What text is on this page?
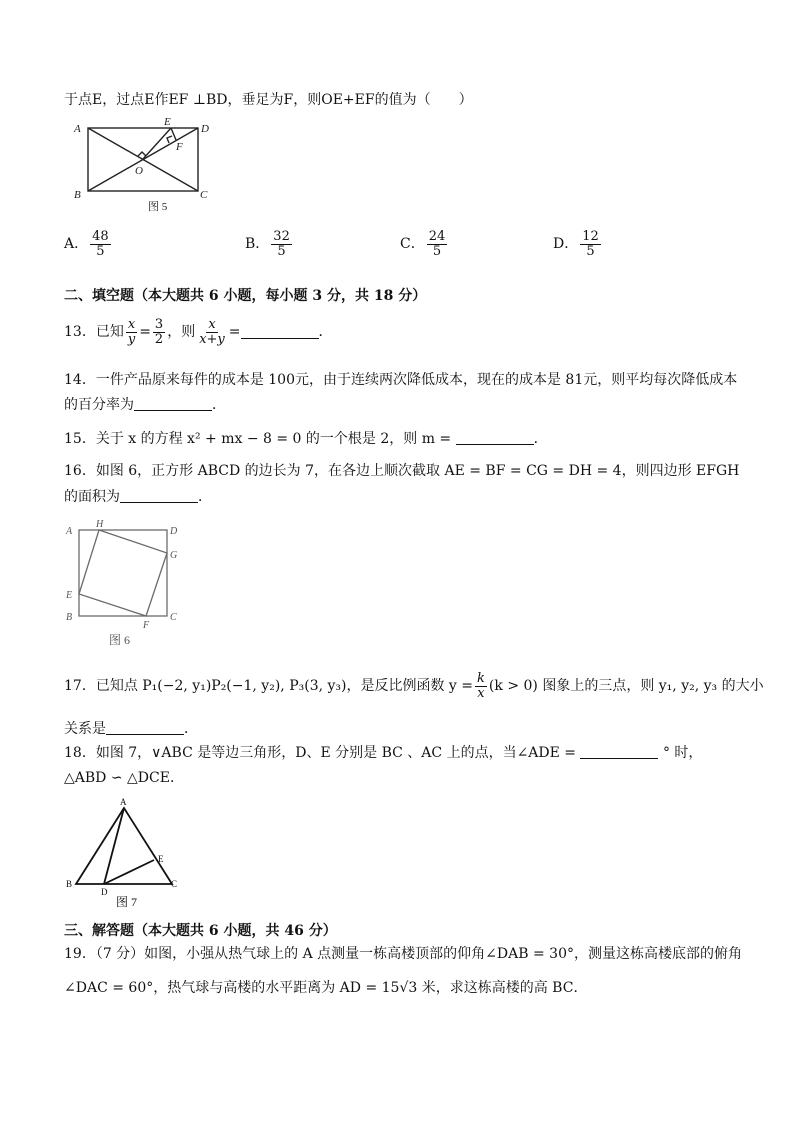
于点E，过点E作EF ⊥BD，垂足为F，则OE+EF的值为（　　）
A
E
D
F
O
B	C
图 5
A． $\frac{48}{5}$	B． $\frac{32}{5}$	C． $\frac{24}{5}$	D． $\frac{12}{5}$
二、填空题（本大题共 6 小题，每小题 3 分，共 18 分）
13．已知 $\frac{x}{y} = \frac{3}{2}$ ，则 $\frac{x}{x+y}$ =	．
14．一件产品原来每件的成本是 100元，由于连续两次降低成本，现在的成本是 81元，则平均每次降低成本
的百分率为	．
15．关于 x 的方程 x² + mx − 8 = 0 的一个根是 2，则 m =	．
16．如图 6，正方形 ABCD 的边长为 7，在各边上顺次截取 AE = BF = CG = DH = 4，则四边形 EFGH
的面积为	．
A
H
D
G
E
B
F
C
图 6
17．已知点 P₁(−2, y₁)P₂(−1, y₂), P₃(3, y₃)，是反比例函数 $y = \frac{k}{x} (k > 0)$ 图象上的三点，则 y₁, y₂, y₃ 的大小
关系是	．
18．如图 7，∨ABC 是等边三角形，D、E 分别是 BC 、AC 上的点，当∠ADE =	° 时，
△ABD ∽ △DCE．
A
E
B
D
C
图 7
三、解答题（本大题共 6 小题，共 46 分）
19．（7 分）如图，小强从热气球上的 A 点测量一栋高楼顶部的仰角∠DAB = 30°，测量这栋高楼底部的俯角
∠DAC = 60°，热气球与高楼的水平距离为 AD = 15√3 米，求这栋高楼的高 BC．
